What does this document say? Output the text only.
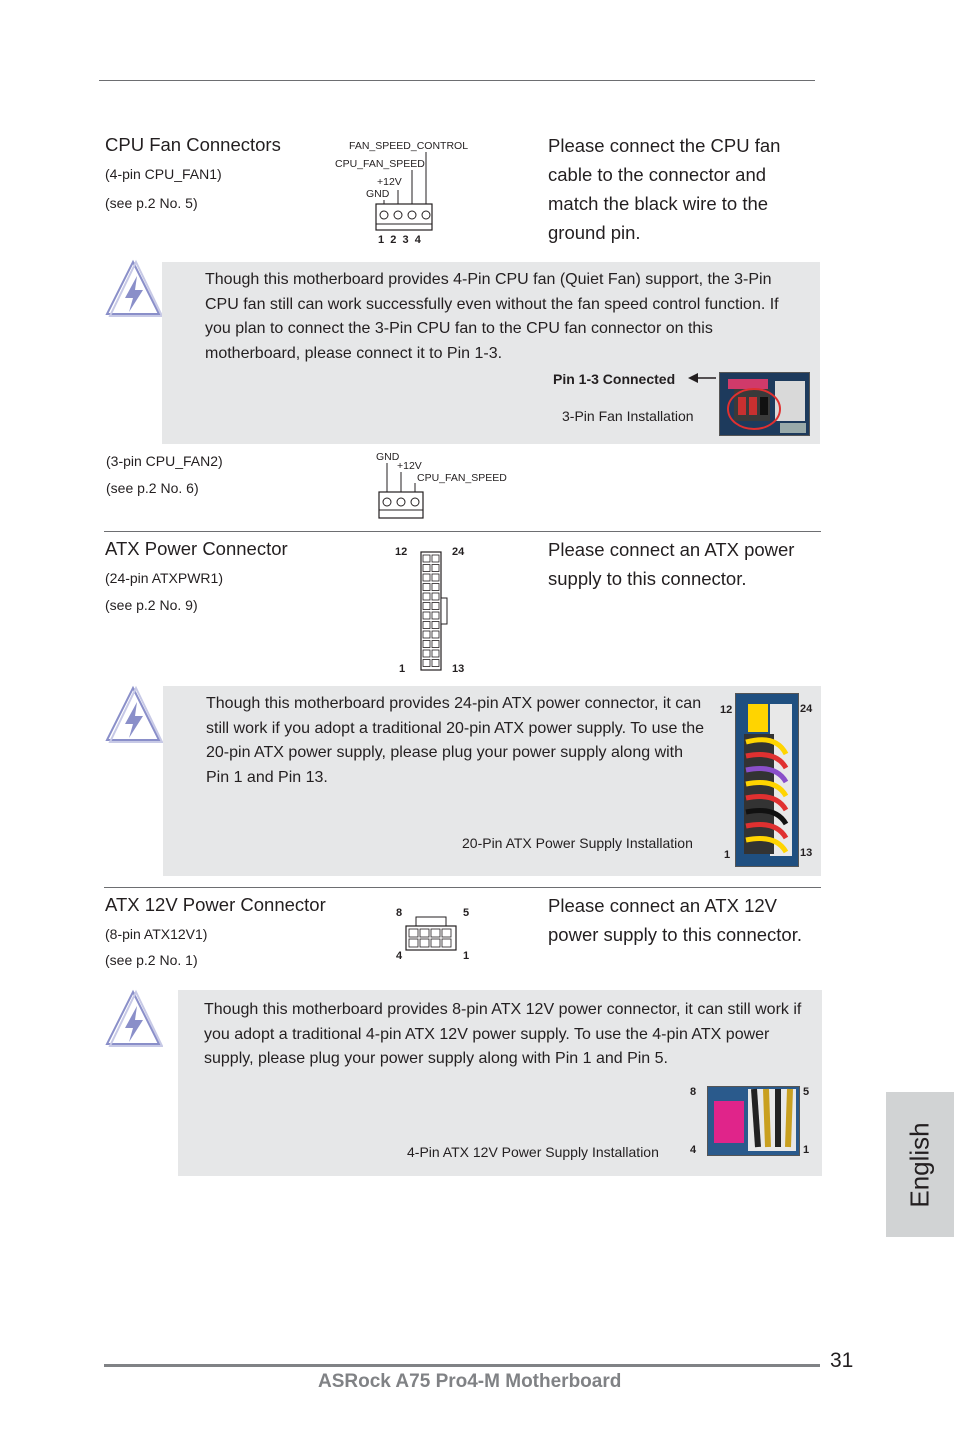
CPU Fan Connectors
(4-pin CPU_FAN1)
(see p.2 No. 5)
FAN_SPEED_CONTROL
CPU_FAN_SPEED
+12V
GND
1  2  3  4
Please connect the CPU fan cable to the connector and match the black wire to the ground pin.
Though this motherboard provides 4-Pin CPU fan (Quiet Fan) support, the 3-Pin CPU fan still can work successfully even without the fan speed control function. If you plan to connect the 3-Pin CPU fan to the CPU fan connector on this motherboard, please connect it to Pin 1-3.
Pin 1-3 Connected
3-Pin Fan Installation
(3-pin CPU_FAN2)
(see p.2 No. 6)
GND
+12V
CPU_FAN_SPEED
ATX Power Connector
(24-pin ATXPWR1)
(see p.2 No. 9)
12	24
1	13
Please connect an ATX power supply to this connector.
Though this motherboard provides 24-pin ATX power connector, it can still work if you adopt a traditional 20-pin ATX power supply. To use the 20-pin ATX power supply, please plug your power supply along with Pin 1 and Pin 13.
20-Pin ATX Power Supply Installation
12	24
1	13
ATX 12V Power Connector
(8-pin ATX12V1)
(see p.2 No. 1)
8	5
4	1
Please connect an ATX 12V power supply to this connector.
Though this motherboard provides 8-pin ATX 12V power connector, it can still work if you adopt a traditional 4-pin ATX 12V power supply. To use the 4-pin ATX power supply, please plug your power supply along with Pin 1 and Pin 5.
4-Pin ATX 12V Power Supply Installation
8	5
4	1	English
31
ASRock A75 Pro4-M Motherboard
